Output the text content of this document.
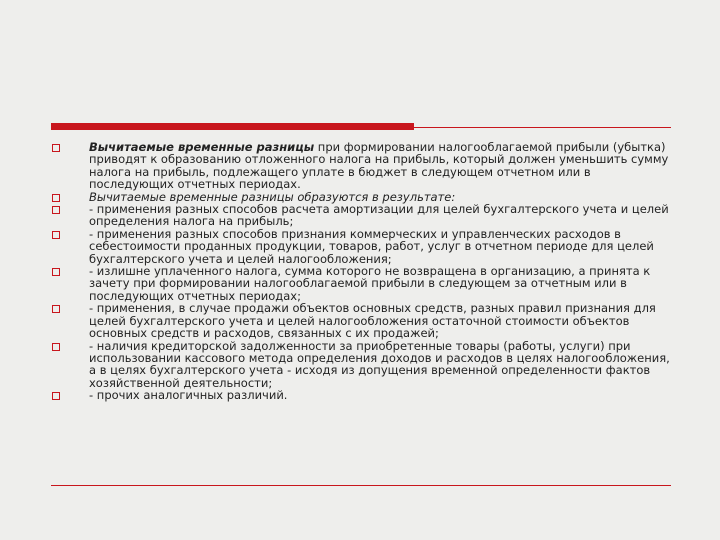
Вычитаемые временные разницы при формировании налогооблагаемой прибыли (убытка) приводят к образованию отложенного налога на прибыль, который должен уменьшить сумму налога на прибыль, подлежащего уплате в бюджет в следующем отчетном или в последующих отчетных периодах.
Вычитаемые временные разницы образуются в результате:
- применения разных способов расчета амортизации для целей бухгалтерского учета и целей определения налога на прибыль;
- применения разных способов признания коммерческих и управленческих расходов в себестоимости проданных продукции, товаров, работ, услуг в отчетном периоде для целей бухгалтерского учета и целей налогообложения;
- излишне уплаченного налога, сумма которого не возвращена в организацию, а принята к зачету при формировании налогооблагаемой прибыли в следующем за отчетным или в последующих отчетных периодах;
- применения, в случае продажи объектов основных средств, разных правил признания для целей бухгалтерского учета и целей налогообложения остаточной стоимости объектов основных средств и расходов, связанных с их продажей;
- наличия кредиторской задолженности за приобретенные товары (работы, услуги) при использовании кассового метода определения доходов и расходов в целях налогообложения, а в целях бухгалтерского учета - исходя из допущения временной определенности фактов хозяйственной деятельности;
- прочих аналогичных различий.
